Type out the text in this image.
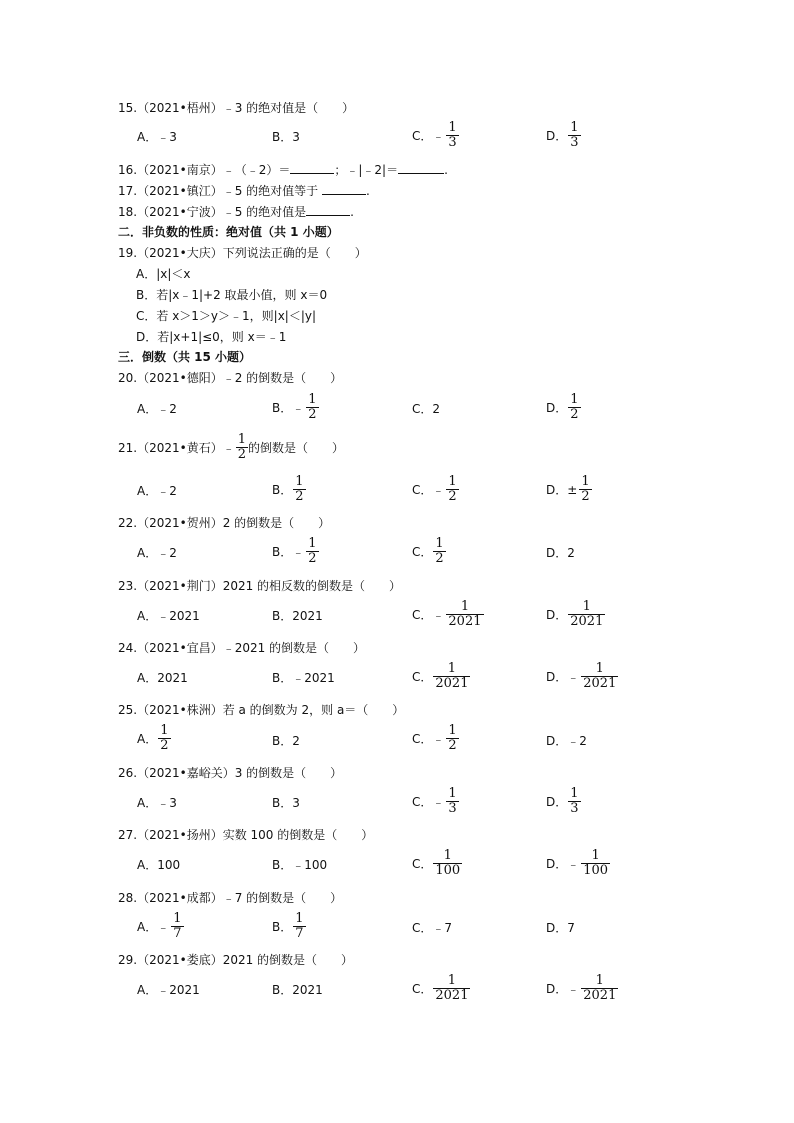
15.（2021•梧州）﹣3 的绝对值是（　　）
A．﹣3	B．3	C． ﹣ $\frac{1}{3}$	D． $\frac{1}{3}$
16.（2021•南京）﹣（﹣2）＝	；﹣|﹣2|＝	.
17.（2021•镇江）﹣5 的绝对值等于	.
18.（2021•宁波）﹣5 的绝对值是	.
二．非负数的性质：绝对值（共 1 小题）
19.（2021•大庆）下列说法正确的是（　　）
A．|x|＜x
B．若|x﹣1|+2 取最小值，则 x＝0
C．若 x＞1＞y＞﹣1，则|x|＜|y|
D．若|x+1|≤0，则 x＝﹣1
三．倒数（共 15 小题）
20.（2021•德阳）﹣2 的倒数是（　　）
A．﹣2	B． ﹣ $\frac{1}{2}$	C．2	D． $\frac{1}{2}$
21.（2021•黄石）﹣ $\frac{1}{2}$ 的倒数是（　　）
A．﹣2	B． $\frac{1}{2}$	C． ﹣ $\frac{1}{2}$	D． ± $\frac{1}{2}$
22.（2021•贺州）2 的倒数是（　　）
A．﹣2	B． ﹣ $\frac{1}{2}$	C． $\frac{1}{2}$	D．2
23.（2021•荆门）2021 的相反数的倒数是（　　）
A．﹣2021	B．2021	C． ﹣ $\frac{1}{2021}$	D． $\frac{1}{2021}$
24.（2021•宜昌）﹣2021 的倒数是（　　）
A．2021	B．﹣2021	C． $\frac{1}{2021}$	D． ﹣ $\frac{1}{2021}$
25.（2021•株洲）若 a 的倒数为 2，则 a＝（　　）
A． $\frac{1}{2}$	B．2	C． ﹣ $\frac{1}{2}$	D．﹣2
26.（2021•嘉峪关）3 的倒数是（　　）
A．﹣3	B．3	C． ﹣ $\frac{1}{3}$	D． $\frac{1}{3}$
27.（2021•扬州）实数 100 的倒数是（　　）
A．100	B．﹣100	C． $\frac{1}{100}$	D． ﹣ $\frac{1}{100}$
28.（2021•成都）﹣7 的倒数是（　　）
A． ﹣ $\frac{1}{7}$	B． $\frac{1}{7}$	C．﹣7	D．7
29.（2021•娄底）2021 的倒数是（　　）
A．﹣2021	B．2021	C． $\frac{1}{2021}$	D． ﹣ $\frac{1}{2021}$
